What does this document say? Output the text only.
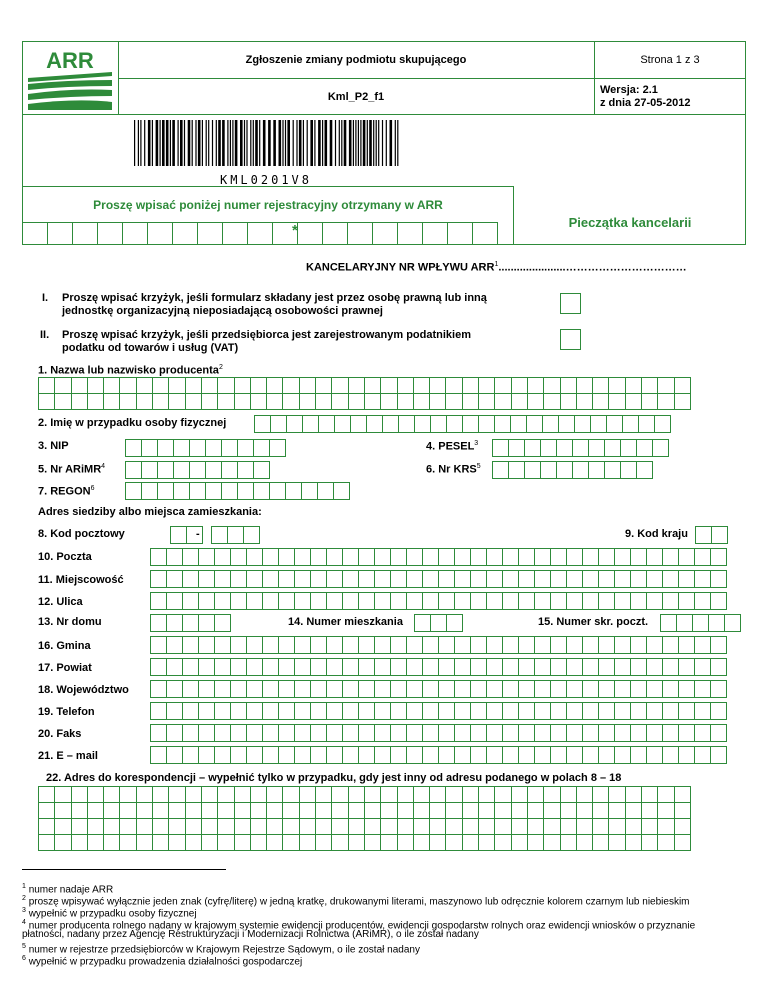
ARR	Zgłoszenie zmiany podmiotu skupującego	Strona 1 z 3
Kml_P2_f1
Wersja: 2.1
z dnia 27-05-2012
KML0201V8
Proszę wpisać poniżej numer rejestracyjny otrzymany w ARR
*	Pieczątka kancelarii
KANCELARYJNY NR WPŁYWU ARR$^1$......................……………………………
I. Proszę wpisać krzyżyk, jeśli formularz składany jest przez osobę prawną lub inną
jednostkę organizacyjną nieposiadającą osobowości prawnej
II. Proszę wpisać krzyżyk, jeśli przedsiębiorca jest zarejestrowanym podatnikiem
podatku od towarów i usług (VAT)
1. Nazwa lub nazwisko producenta$^2$
2. Imię w przypadku osoby fizycznej
3. NIP	4. PESEL$^3$
5. Nr ARiMR$^4$	6. Nr KRS$^5$
7. REGON$^6$
Adres siedziby albo miejsca zamieszkania:
8. Kod pocztowy	-	9. Kod kraju
10. Poczta
11. Miejscowość
12. Ulica
13. Nr domu	14. Numer mieszkania	15. Numer skr. poczt.
16. Gmina
17. Powiat
18. Województwo
19. Telefon
20. Faks
21. E – mail
22. Adres do korespondencji – wypełnić tylko w przypadku, gdy jest inny od adresu podanego w polach 8 – 18
$^1$ numer nadaje ARR
$^2$ proszę wpisywać wyłącznie jeden znak (cyfrę/literę) w jedną kratkę, drukowanymi literami, maszynowo lub odręcznie kolorem czarnym lub niebieskim
$^3$ wypełnić w przypadku osoby fizycznej
$^4$ numer producenta rolnego nadany w krajowym systemie ewidencji producentów, ewidencji gospodarstw rolnych oraz ewidencji wniosków o przyznanie
płatności, nadany przez Agencję Restrukturyzacji i Modernizacji Rolnictwa (ARiMR), o ile został nadany
$^5$ numer w rejestrze przedsiębiorców w Krajowym Rejestrze Sądowym, o ile został nadany
$^6$ wypełnić w przypadku prowadzenia działalności gospodarczej
